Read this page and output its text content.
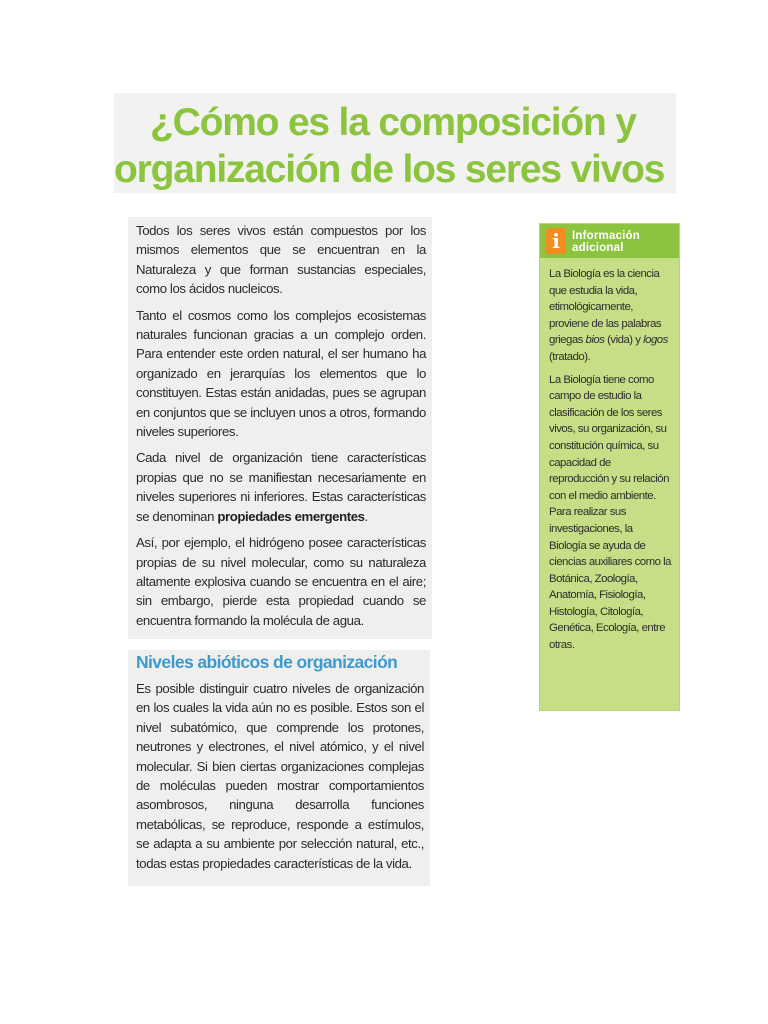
¿Cómo es la composición y
organización de los seres vivos

Todos los seres vivos están compuestos por los mismos elementos que se encuentran en la Naturaleza y que forman sustancias especiales, como los ácidos nucleicos.

Tanto el cosmos como los complejos ecosistemas naturales funcionan gracias a un complejo orden. Para entender este orden natural, el ser humano ha organizado en jerarquías los elementos que lo constituyen. Estas están anidadas, pues se agrupan en conjuntos que se incluyen unos a otros, formando niveles superiores.

Cada nivel de organización tiene características propias que no se manifiestan necesariamente en niveles superiores ni inferiores. Estas características se denominan propiedades emergentes.

Así, por ejemplo, el hidrógeno posee características propias de su nivel molecular, como su naturaleza altamente explosiva cuando se encuentra en el aire; sin embargo, pierde esta propiedad cuando se encuentra formando la molécula de agua.

Niveles abióticos de organización

Es posible distinguir cuatro niveles de organización en los cuales la vida aún no es posible. Estos son el nivel subatómico, que comprende los protones, neutrones y electrones, el nivel atómico, y el nivel molecular. Si bien ciertas organizaciones complejas de moléculas pueden mostrar comportamientos asombrosos, ninguna desarrolla funciones metabólicas, se reproduce, responde a estímulos, se adapta a su ambiente por selección natural, etc., todas estas propiedades características de la vida.

i	Información
adicional

La Biología es la ciencia que estudia la vida, etimológicamente, proviene de las palabras griegas bios (vida) y logos (tratado).

La Biología tiene como campo de estudio la clasificación de los seres vivos, su organización, su constitución química, su capacidad de reproducción y su relación con el medio ambiente. Para realizar sus investigaciones, la Biología se ayuda de ciencias auxiliares como la Botánica, Zoología, Anatomía, Fisiología, Histología, Citología, Genética, Ecología, entre otras.
